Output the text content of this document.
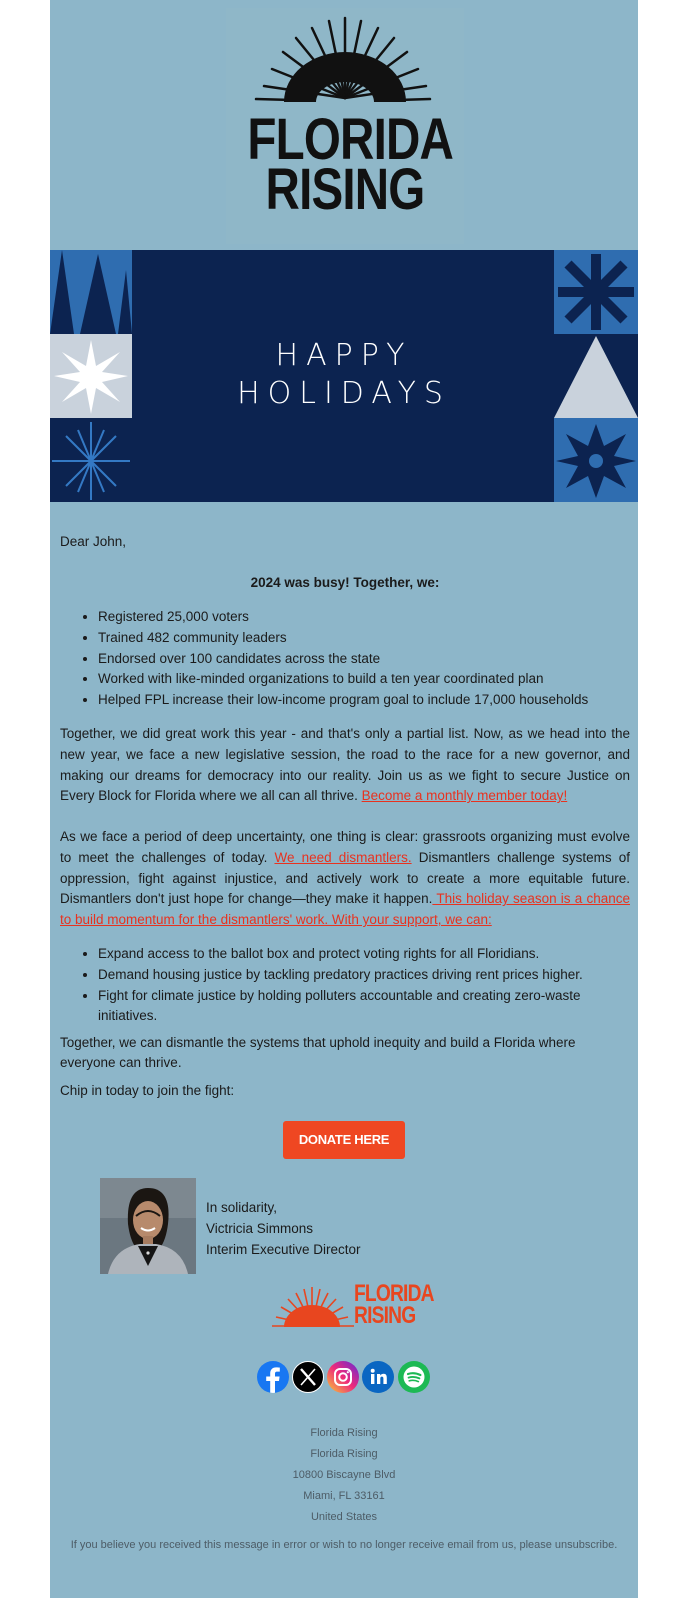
FLORIDA
RISING
HAPPY
HOLIDAYS
Dear John,
2024 was busy! Together, we:
• Registered 25,000 voters
• Trained 482 community leaders
• Endorsed over 100 candidates across the state
• Worked with like-minded organizations to build a ten year coordinated plan
• Helped FPL increase their low-income program goal to include 17,000 households

Together, we did great work this year - and that's only a partial list. Now, as we head into the new year, we face a new legislative session, the road to the race for a new governor, and making our dreams for democracy into our reality. Join us as we fight to secure Justice on Every Block for Florida where we all can all thrive. Become a monthly member today!

As we face a period of deep uncertainty, one thing is clear: grassroots organizing must evolve to meet the challenges of today. We need dismantlers. Dismantlers challenge systems of oppression, fight against injustice, and actively work to create a more equitable future. Dismantlers don't just hope for change—they make it happen. This holiday season is a chance to build momentum for the dismantlers' work. With your support, we can:

• Expand access to the ballot box and protect voting rights for all Floridians.
• Demand housing justice by tackling predatory practices driving rent prices higher.
• Fight for climate justice by holding polluters accountable and creating zero-waste initiatives.

Together, we can dismantle the systems that uphold inequity and build a Florida where everyone can thrive.

Chip in today to join the fight:
DONATE HERE
In solidarity,
Victricia Simmons
Interim Executive Director
FLORIDA
RISING
Florida Rising
Florida Rising
10800 Biscayne Blvd
Miami, FL 33161
United States
If you believe you received this message in error or wish to no longer receive email from us, please unsubscribe.
